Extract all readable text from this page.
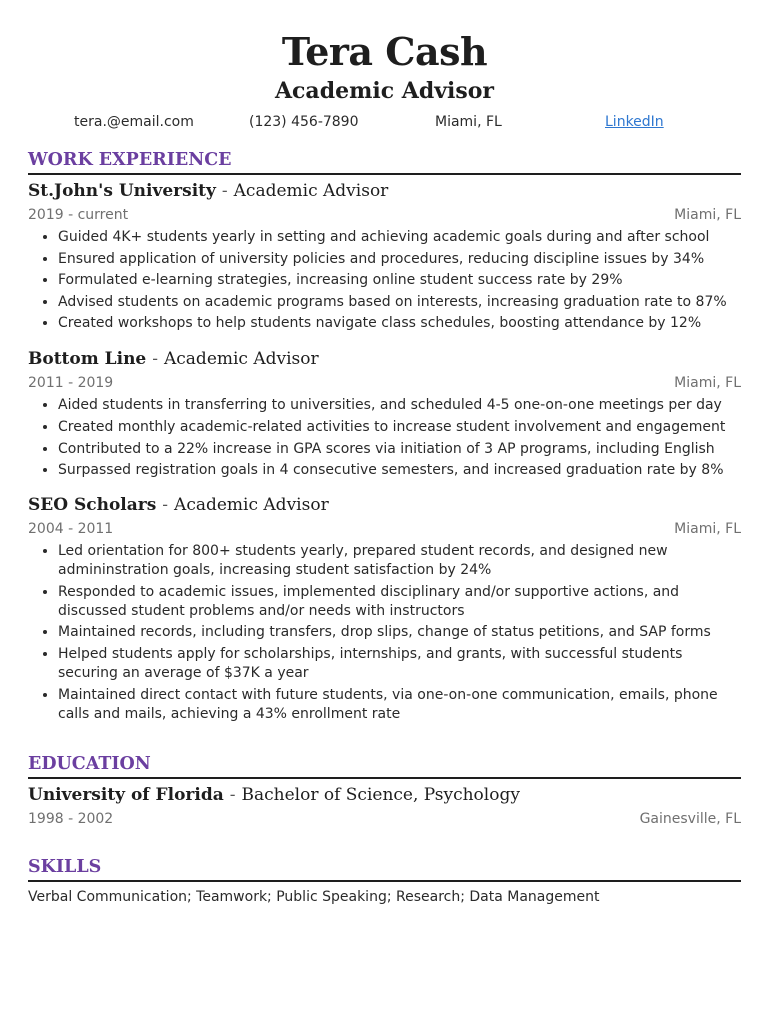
Tera Cash
Academic Advisor
tera.@email.com	(123) 456-7890	Miami, FL	LinkedIn
WORK EXPERIENCE
St.John's University - Academic Advisor
2019 - current	Miami, FL
• Guided 4K+ students yearly in setting and achieving academic goals during and after school
• Ensured application of university policies and procedures, reducing discipline issues by 34%
• Formulated e-learning strategies, increasing online student success rate by 29%
• Advised students on academic programs based on interests, increasing graduation rate to 87%
• Created workshops to help students navigate class schedules, boosting attendance by 12%
Bottom Line - Academic Advisor
2011 - 2019	Miami, FL
• Aided students in transferring to universities, and scheduled 4-5 one-on-one meetings per day
• Created monthly academic-related activities to increase student involvement and engagement
• Contributed to a 22% increase in GPA scores via initiation of 3 AP programs, including English
• Surpassed registration goals in 4 consecutive semesters, and increased graduation rate by 8%
SEO Scholars - Academic Advisor
2004 - 2011	Miami, FL
• Led orientation for 800+ students yearly, prepared student records, and designed new admininstration goals, increasing student satisfaction by 24%
• Responded to academic issues, implemented disciplinary and/or supportive actions, and discussed student problems and/or needs with instructors
• Maintained records, including transfers, drop slips, change of status petitions, and SAP forms
• Helped students apply for scholarships, internships, and grants, with successful students securing an average of $37K a year
• Maintained direct contact with future students, via one-on-one communication, emails, phone calls and mails, achieving a 43% enrollment rate
EDUCATION
University of Florida - Bachelor of Science, Psychology
1998 - 2002	Gainesville, FL
SKILLS
Verbal Communication; Teamwork; Public Speaking; Research; Data Management
